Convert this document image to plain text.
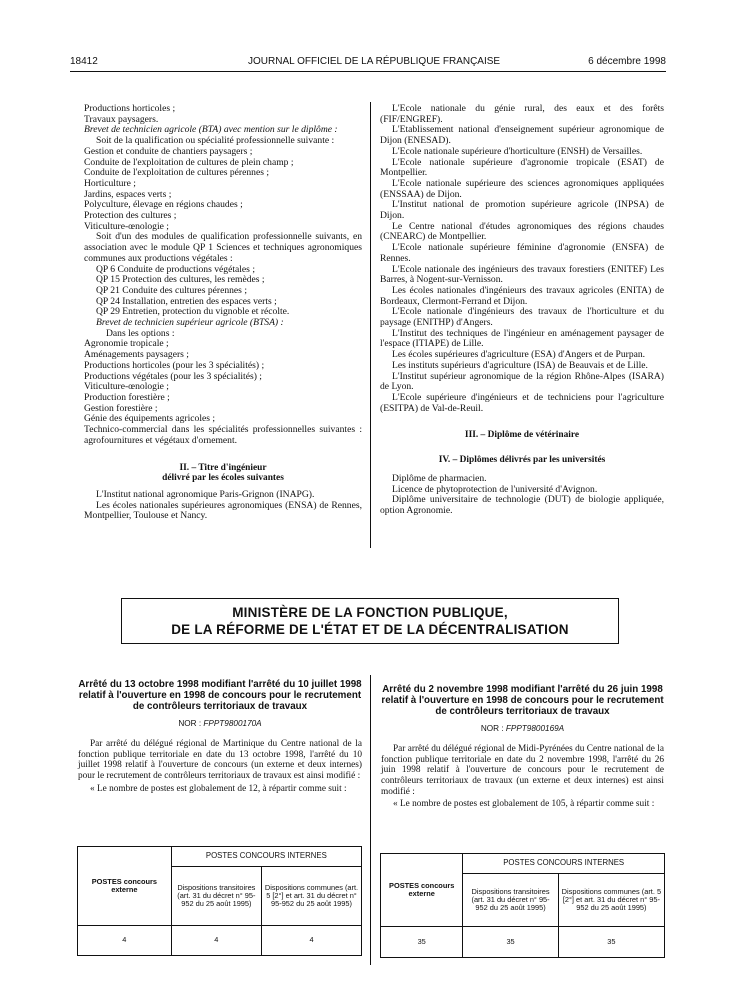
18412	JOURNAL OFFICIEL DE LA RÉPUBLIQUE FRANÇAISE	6 décembre 1998

Productions horticoles ;

Travaux paysagers.

Brevet de technicien agricole (BTA) avec mention sur le diplôme :

Soit de la qualification ou spécialité professionnelle suivante :

Gestion et conduite de chantiers paysagers ;

Conduite de l'exploitation de cultures de plein champ ;

Conduite de l'exploitation de cultures pérennes ;

Horticulture ;

Jardins, espaces verts ;

Polyculture, élevage en régions chaudes ;

Protection des cultures ;

Viticulture-œnologie ;

Soit d'un des modules de qualification professionnelle suivants, en association avec le module QP 1 Sciences et techniques agronomiques communes aux productions végétales :

QP 6 Conduite de productions végétales ;

QP 15 Protection des cultures, les remèdes ;

QP 21 Conduite des cultures pérennes ;

QP 24 Installation, entretien des espaces verts ;

QP 29 Entretien, protection du vignoble et récolte.

Brevet de technicien supérieur agricole (BTSA) :

Dans les options :

Agronomie tropicale ;

Aménagements paysagers ;

Productions horticoles (pour les 3 spécialités) ;

Productions végétales (pour les 3 spécialités) ;

Viticulture-œnologie ;

Production forestière ;

Gestion forestière ;

Génie des équipements agricoles ;

Technico-commercial dans les spécialités professionnelles suivantes : agrofournitures et végétaux d'ornement.

II. – Titre d'ingénieur

délivré par les écoles suivantes

L'Institut national agronomique Paris-Grignon (INAPG).

Les écoles nationales supérieures agronomiques (ENSA) de Rennes, Montpellier, Toulouse et Nancy.

L'Ecole nationale du génie rural, des eaux et des forêts (FIF/ENGREF).

L'Etablissement national d'enseignement supérieur agronomique de Dijon (ENESAD).

L'Ecole nationale supérieure d'horticulture (ENSH) de Versailles.

L'Ecole nationale supérieure d'agronomie tropicale (ESAT) de Montpellier.

L'Ecole nationale supérieure des sciences agronomiques appliquées (ENSSAA) de Dijon.

L'Institut national de promotion supérieure agricole (INPSA) de Dijon.

Le Centre national d'études agronomiques des régions chaudes (CNEARC) de Montpellier.

L'Ecole nationale supérieure féminine d'agronomie (ENSFA) de Rennes.

L'Ecole nationale des ingénieurs des travaux forestiers (ENITEF) Les Barres, à Nogent-sur-Vernisson.

Les écoles nationales d'ingénieurs des travaux agricoles (ENITA) de Bordeaux, Clermont-Ferrand et Dijon.

L'Ecole nationale d'ingénieurs des travaux de l'horticulture et du paysage (ENITHP) d'Angers.

L'Institut des techniques de l'ingénieur en aménagement paysager de l'espace (ITIAPE) de Lille.

Les écoles supérieures d'agriculture (ESA) d'Angers et de Purpan.

Les instituts supérieurs d'agriculture (ISA) de Beauvais et de Lille.

L'Institut supérieur agronomique de la région Rhône-Alpes (ISARA) de Lyon.

L'Ecole supérieure d'ingénieurs et de techniciens pour l'agriculture (ESITPA) de Val-de-Reuil.

III. – Diplôme de vétérinaire

IV. – Diplômes délivrés par les universités

Diplôme de pharmacien.

Licence de phytoprotection de l'université d'Avignon.

Diplôme universitaire de technologie (DUT) de biologie appliquée, option Agronomie.

MINISTÈRE DE LA FONCTION PUBLIQUE,
DE LA RÉFORME DE L'ÉTAT ET DE LA DÉCENTRALISATION

Arrêté du 13 octobre 1998 modifiant l'arrêté du 10 juillet 1998 relatif à l'ouverture en 1998 de concours pour le recrutement de contrôleurs territoriaux de travaux

NOR : FPPT9800170A

Par arrêté du délégué régional de Martinique du Centre national de la fonction publique territoriale en date du 13 octobre 1998, l'arrêté du 10 juillet 1998 relatif à l'ouverture de concours (un externe et deux internes) pour le recrutement de contrôleurs territoriaux de travaux est ainsi modifié :

« Le nombre de postes est globalement de 12, à répartir comme suit :

POSTES concours externe	POSTES CONCOURS INTERNES	
	Dispositions transitoires (art. 31 du décret n° 95-952 du 25 août 1995)	Dispositions communes (art. 5 [2°] et art. 31 du décret n° 95-952 du 25 août 1995)
4	4	4

Arrêté du 2 novembre 1998 modifiant l'arrêté du 26 juin 1998 relatif à l'ouverture en 1998 de concours pour le recrutement de contrôleurs territoriaux de travaux

NOR : FPPT9800169A

Par arrêté du délégué régional de Midi-Pyrénées du Centre national de la fonction publique territoriale en date du 2 novembre 1998, l'arrêté du 26 juin 1998 relatif à l'ouverture de concours pour le recrutement de contrôleurs territoriaux de travaux (un externe et deux internes) est ainsi modifié :

« Le nombre de postes est globalement de 105, à répartir comme suit :

POSTES concours externe	POSTES CONCOURS INTERNES	
	Dispositions transitoires (art. 31 du décret n° 95-952 du 25 août 1995)	Dispositions communes (art. 5 [2°] et art. 31 du décret n° 95-952 du 25 août 1995)
35	35	35
